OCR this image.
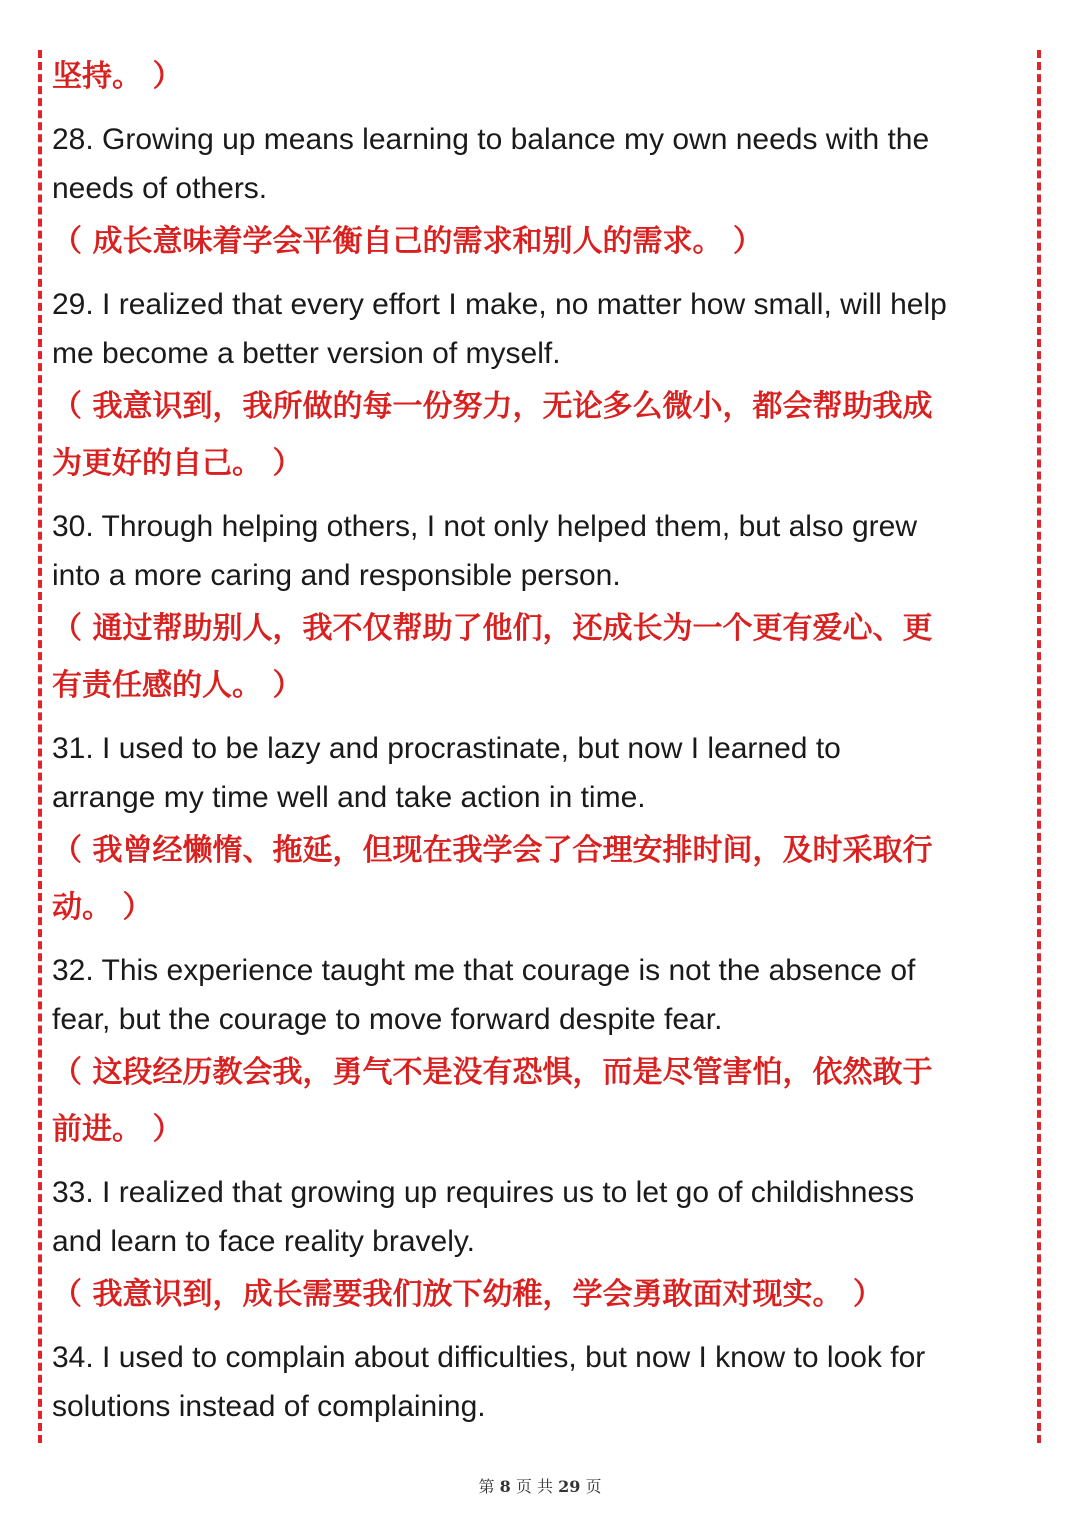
坚持。 ）

28. Growing up means learning to balance my own needs with the

needs of others.

（ 成长意味着学会平衡自己的需求和别人的需求。 ）

29. I realized that every effort I make, no matter how small, will help

me become a better version of myself.

（ 我意识到，我所做的每一份努力，无论多么微小，都会帮助我成

为更好的自己。 ）

30. Through helping others, I not only helped them, but also grew

into a more caring and responsible person.

（ 通过帮助别人，我不仅帮助了他们，还成长为一个更有爱心、更

有责任感的人。 ）

31. I used to be lazy and procrastinate, but now I learned to

arrange my time well and take action in time.

（ 我曾经懒惰、拖延，但现在我学会了合理安排时间，及时采取行

动。 ）

32. This experience taught me that courage is not the absence of

fear, but the courage to move forward despite fear.

（ 这段经历教会我，勇气不是没有恐惧，而是尽管害怕，依然敢于

前进。 ）

33. I realized that growing up requires us to let go of childishness

and learn to face reality bravely.

（ 我意识到，成长需要我们放下幼稚，学会勇敢面对现实。 ）

34. I used to complain about difficulties, but now I know to look for

solutions instead of complaining.

第 8 页 共 29 页
